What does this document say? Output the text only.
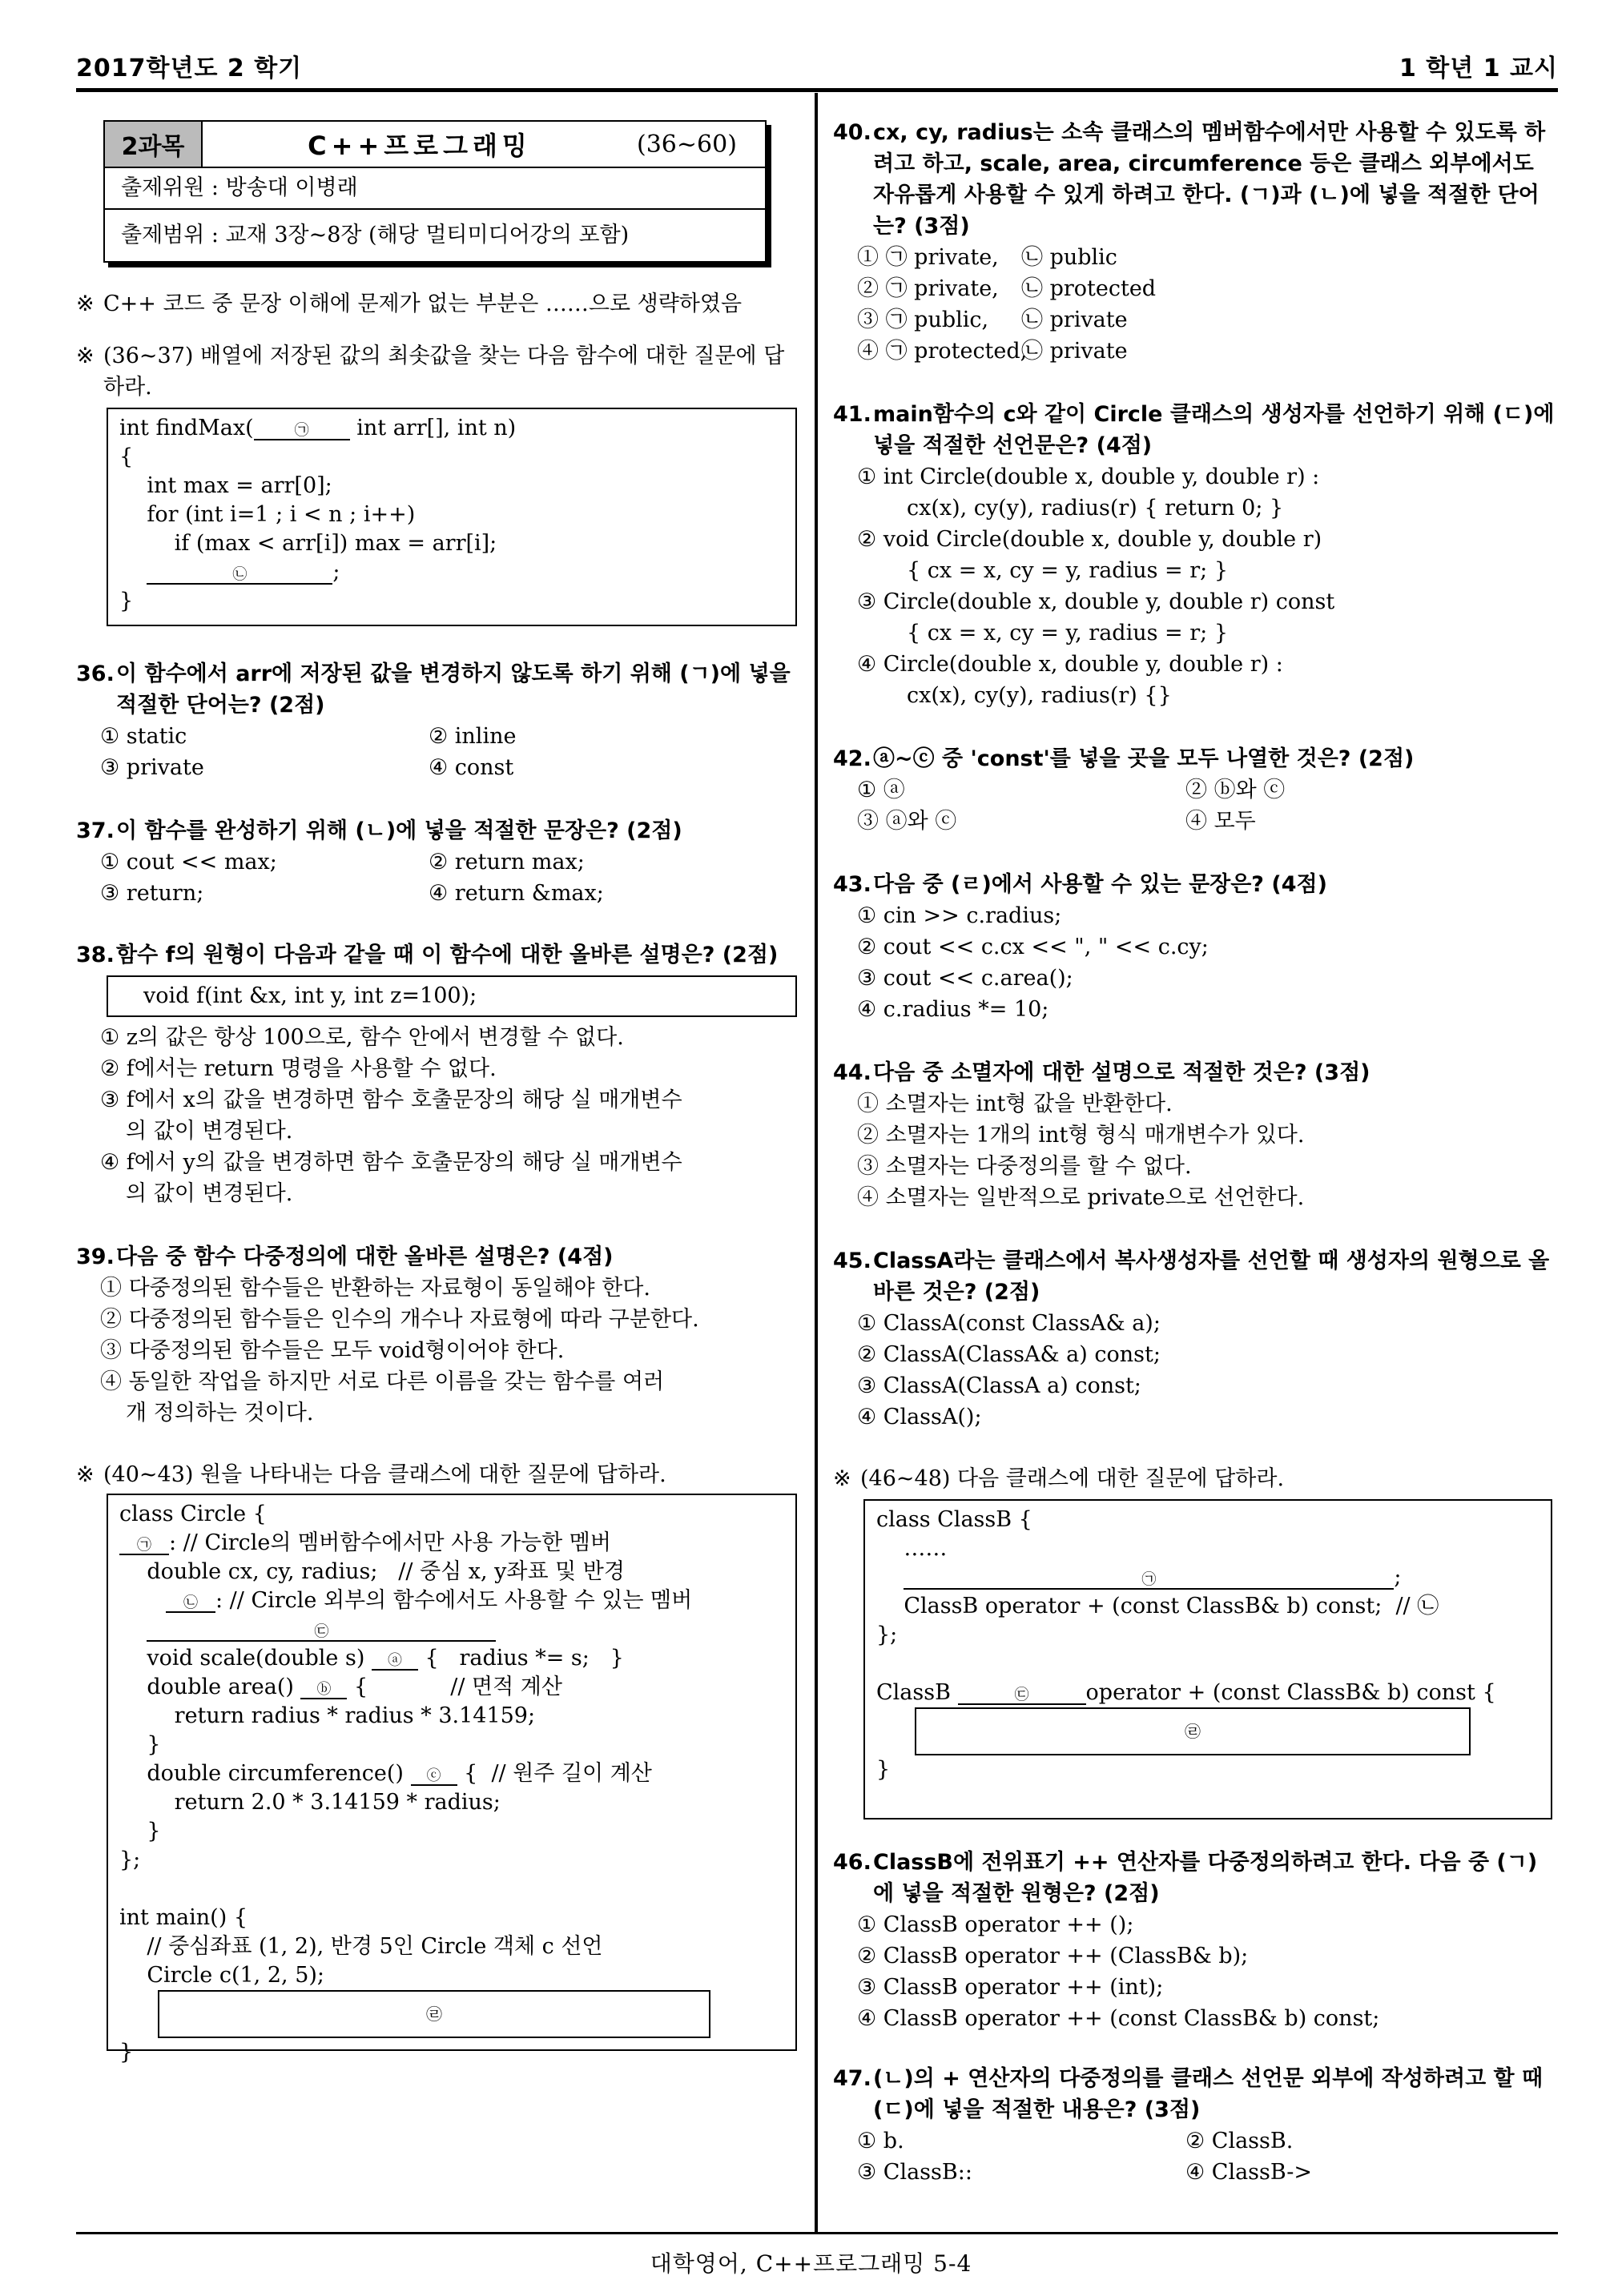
2017학년도 2 학기	1 학년 1 교시
대학영어, C++프로그래밍 5-4
2과목	C++프로그래밍	(36~60)
출제위원 : 방송대 이병래
출제범위 : 교재 3장~8장 (해당 멀티미디어강의 포함)
※ C++ 코드 중 문장 이해에 문제가 없는 부분은 ……으로 생략하였음
※ (36~37) 배열에 저장된 값의 최솟값을 찾는 다음 함수에 대한 질문에 답하라.
int findMax(	㉠ int arr[], int n)
{
int max = arr[0];
for (int i=1 ; i < n ; i++)
if (max < arr[i]) max = arr[i];
㉡	;
}
36. 이 함수에서 arr에 저장된 값을 변경하지 않도록 하기 위해 (ㄱ)에 넣을 적절한 단어는? (2점)
① static	② inline
③ private	④ const
37. 이 함수를 완성하기 위해 (ㄴ)에 넣을 적절한 문장은? (2점)
① cout << max;	② return max;
③ return;	④ return &max;
38. 함수 f의 원형이 다음과 같을 때 이 함수에 대한 올바른 설명은? (2점)
void f(int &x, int y, int z=100);
① z의 값은 항상 100으로, 함수 안에서 변경할 수 없다.
② f에서는 return 명령을 사용할 수 없다.
③ f에서 x의 값을 변경하면 함수 호출문장의 해당 실 매개변수
의 값이 변경된다.
④ f에서 y의 값을 변경하면 함수 호출문장의 해당 실 매개변수
의 값이 변경된다.
39. 다음 중 함수 다중정의에 대한 올바른 설명은? (4점)
① 다중정의된 함수들은 반환하는 자료형이 동일해야 한다.
② 다중정의된 함수들은 인수의 개수나 자료형에 따라 구분한다.
③ 다중정의된 함수들은 모두 void형이어야 한다.
④ 동일한 작업을 하지만 서로 다른 이름을 갖는 함수를 여러
개 정의하는 것이다.
※ (40~43) 원을 나타내는 다음 클래스에 대한 질문에 답하라.
class Circle {
㉠ : // Circle의 멤버함수에서만 사용 가능한 멤버
double cx, cy, radius;   // 중심 x, y좌표 및 반경
㉡ : // Circle 외부의 함수에서도 사용할 수 있는 멤버
㉢
void scale(double s) ⓐ {   radius *= s;   }
double area() ⓑ {            // 면적 계산
return radius * radius * 3.14159;
}
double circumference() ⓒ {  // 원주 길이 계산
return 2.0 * 3.14159 * radius;
}
};

int main() {
// 중심좌표 (1, 2), 반경 5인 Circle 객체 c 선언
Circle c(1, 2, 5);

㉣
}
40. cx, cy, radius는 소속 클래스의 멤버함수에서만 사용할 수 있도록 하려고 하고, scale, area, circumference 등은 클래스 외부에서도 자유롭게 사용할 수 있게 하려고 한다. (ㄱ)과 (ㄴ)에 넣을 적절한 단어는? (3점)
① ㉠ private, ㉡ public
② ㉠ private, ㉡ protected
③ ㉠ public, ㉡ private
④ ㉠ protected,㉡ private
41. main함수의 c와 같이 Circle 클래스의 생성자를 선언하기 위해 (ㄷ)에 넣을 적절한 선언문은? (4점)
① int Circle(double x, double y, double r) :
cx(x), cy(y), radius(r) { return 0; }
② void Circle(double x, double y, double r)
{ cx = x, cy = y, radius = r; }
③ Circle(double x, double y, double r) const
{ cx = x, cy = y, radius = r; }
④ Circle(double x, double y, double r) :
cx(x), cy(y), radius(r) {}
42. ⓐ~ⓒ 중 'const'를 넣을 곳을 모두 나열한 것은? (2점)
① ⓐ	② ⓑ와 ⓒ
③ ⓐ와 ⓒ	④ 모두
43. 다음 중 (ㄹ)에서 사용할 수 있는 문장은? (4점)
① cin >> c.radius;
② cout << c.cx << ", " << c.cy;
③ cout << c.area();
④ c.radius *= 10;
44. 다음 중 소멸자에 대한 설명으로 적절한 것은? (3점)
① 소멸자는 int형 값을 반환한다.
② 소멸자는 1개의 int형 형식 매개변수가 있다.
③ 소멸자는 다중정의를 할 수 없다.
④ 소멸자는 일반적으로 private으로 선언한다.
45. ClassA라는 클래스에서 복사생성자를 선언할 때 생성자의 원형으로 올바른 것은? (2점)
① ClassA(const ClassA& a);
② ClassA(ClassA& a) const;
③ ClassA(ClassA a) const;
④ ClassA();
※ (46~48) 다음 클래스에 대한 질문에 답하라.
class ClassB {
……
㉠	;
ClassB operator + (const ClassB& b) const;  // ㉡
};

ClassB	㉢	operator + (const ClassB& b) const {

㉣
}
46. ClassB에 전위표기 ++ 연산자를 다중정의하려고 한다. 다음 중 (ㄱ)에 넣을 적절한 원형은? (2점)
① ClassB operator ++ ();
② ClassB operator ++ (ClassB& b);
③ ClassB operator ++ (int);
④ ClassB operator ++ (const ClassB& b) const;
47. (ㄴ)의 + 연산자의 다중정의를 클래스 선언문 외부에 작성하려고 할 때 (ㄷ)에 넣을 적절한 내용은? (3점)
① b.	② ClassB.
③ ClassB::	④ ClassB->
